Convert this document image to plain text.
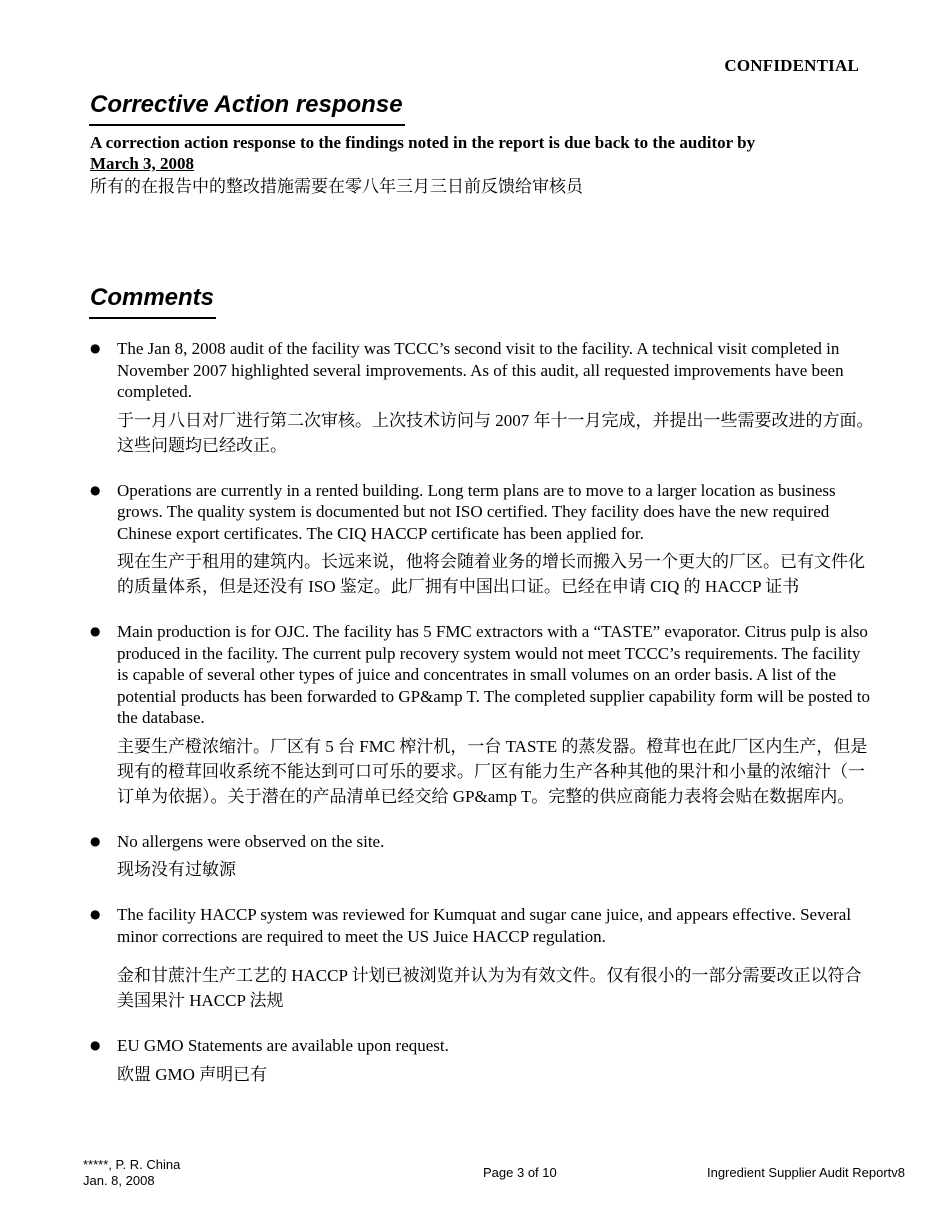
CONFIDENTIAL
Corrective Action response
A correction action response to the findings noted in the report is due back to the auditor by
March 3, 2008
所有的在报告中的整改措施需要在零八年三月三日前反馈给审核员
Comments
● The Jan 8, 2008 audit of the facility was TCCC’s second visit to the facility. A technical visit completed in November 2007 highlighted several improvements. As of this audit, all requested improvements have been completed.
于一月八日对厂进行第二次审核。上次技术访问与 2007 年十一月完成，并提出一些需要改进的方面。这些问题均已经改正。
● Operations are currently in a rented building. Long term plans are to move to a larger location as business grows. The quality system is documented but not ISO certified. They facility does have the new required Chinese export certificates. The CIQ HACCP certificate has been applied for.
现在生产于租用的建筑内。长远来说，他将会随着业务的增长而搬入另一个更大的厂区。已有文件化的质量体系，但是还没有 ISO 鉴定。此厂拥有中国出口证。已经在申请 CIQ 的 HACCP 证书
● Main production is for OJC. The facility has 5 FMC extractors with a “TASTE” evaporator. Citrus pulp is also produced in the facility. The current pulp recovery system would not meet TCCC’s requirements. The facility is capable of several other types of juice and concentrates in small volumes on an order basis. A list of the potential products has been forwarded to GP&amp T. The completed supplier capability form will be posted to the database.
主要生产橙浓缩汁。厂区有 5 台 FMC 榨汁机，一台 TASTE 的蒸发器。橙茸也在此厂区内生产，但是现有的橙茸回收系统不能达到可口可乐的要求。厂区有能力生产各种其他的果汁和小量的浓缩汁（一订单为依据）。关于潜在的产品清单已经交给 GP&amp T。完整的供应商能力表将会贴在数据库内。
● No allergens were observed on the site.
现场没有过敏源
● The facility HACCP system was reviewed for Kumquat and sugar cane juice, and appears effective. Several minor corrections are required to meet the US Juice HACCP regulation.
金和甘蔗汁生产工艺的 HACCP 计划已被浏览并认为为有效文件。仅有很小的一部分需要改正以符合美国果汁 HACCP 法规
● EU GMO Statements are available upon request.
欧盟 GMO 声明已有
*****, P. R. China
Jan. 8, 2008
Page 3 of 10	Ingredient Supplier Audit Reportv8
